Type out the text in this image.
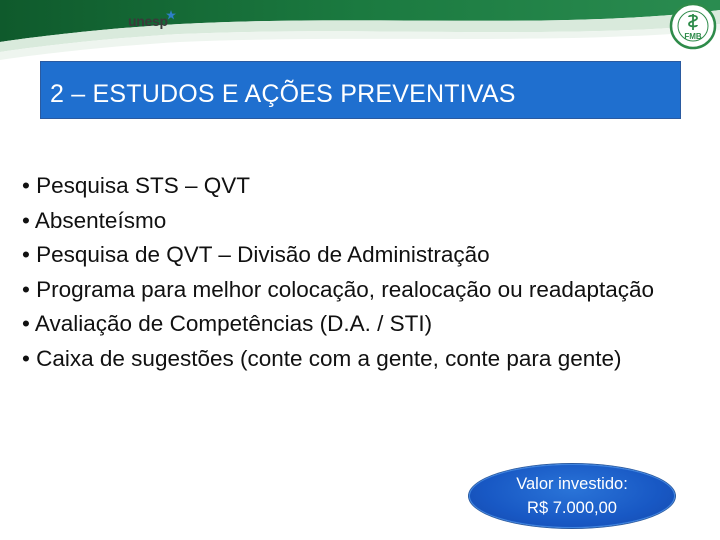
unesp
FMB
2 – ESTUDOS E AÇÕES PREVENTIVAS

• Pesquisa STS – QVT

• Absenteísmo

• Pesquisa de QVT – Divisão de Administração

• Programa para melhor colocação, realocação ou readaptação

• Avaliação de Competências (D.A. / STI)

• Caixa de sugestões (conte com a gente, conte para gente)

Valor investido:
R$ 7.000,00
